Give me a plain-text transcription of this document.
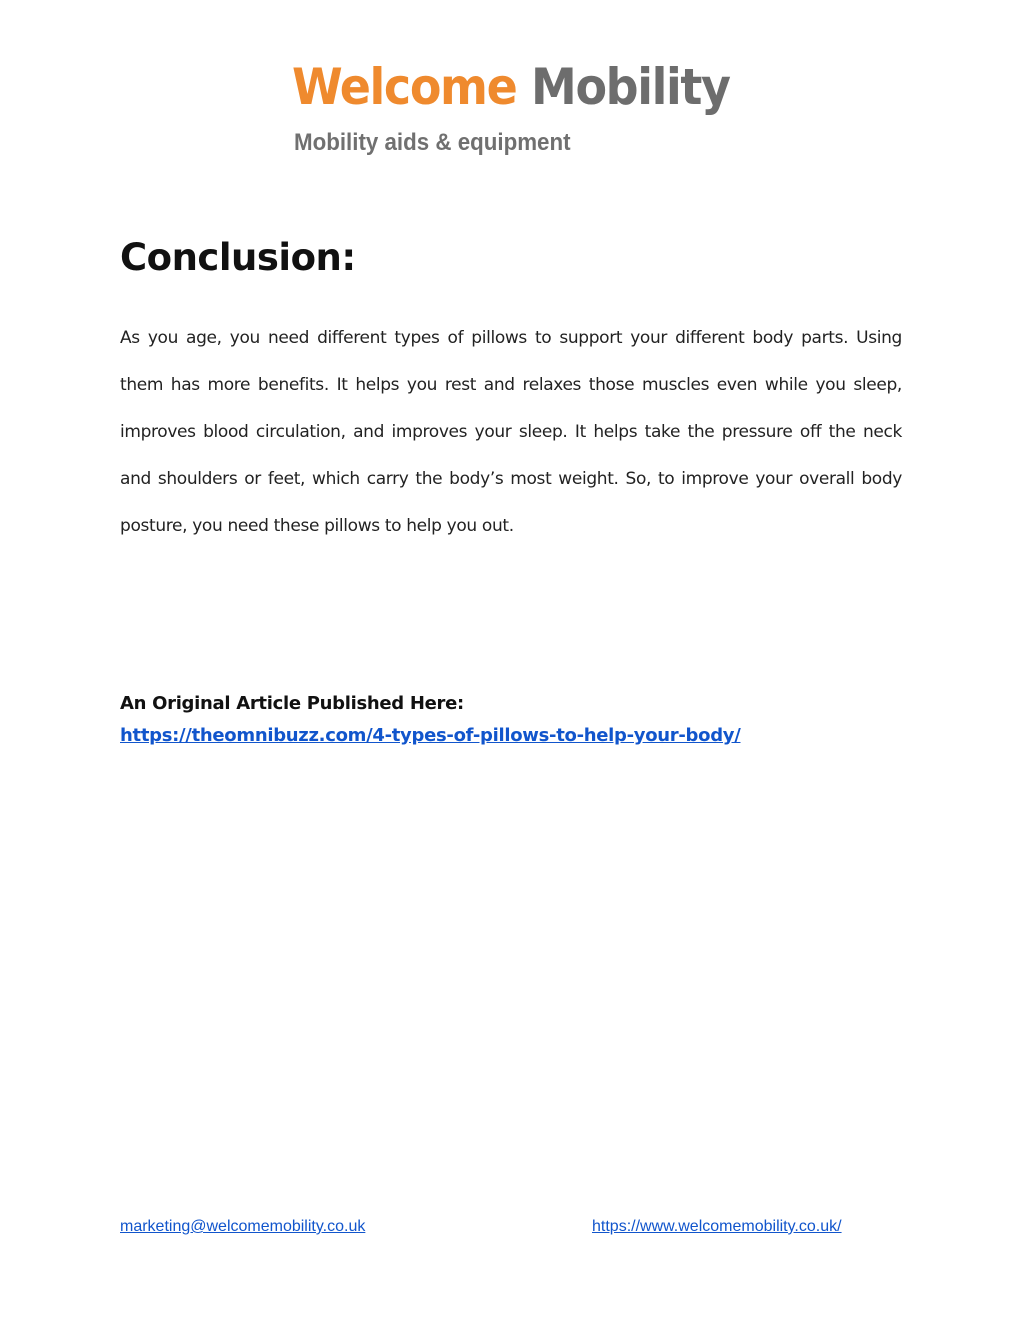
Welcome Mobility
Mobility aids & equipment
Conclusion:

As you age, you need different types of pillows to support your different body parts. Using them has more benefits. It helps you rest and relaxes those muscles even while you sleep, improves blood circulation, and improves your sleep. It helps take the pressure off the neck and shoulders or feet, which carry the body’s most weight. So, to improve your overall body posture, you need these pillows to help you out.

An Original Article Published Here:

https://theomnibuzz.com/4-types-of-pillows-to-help-your-body/
marketing@welcomemobility.co.uk	https://www.welcomemobility.co.uk/
